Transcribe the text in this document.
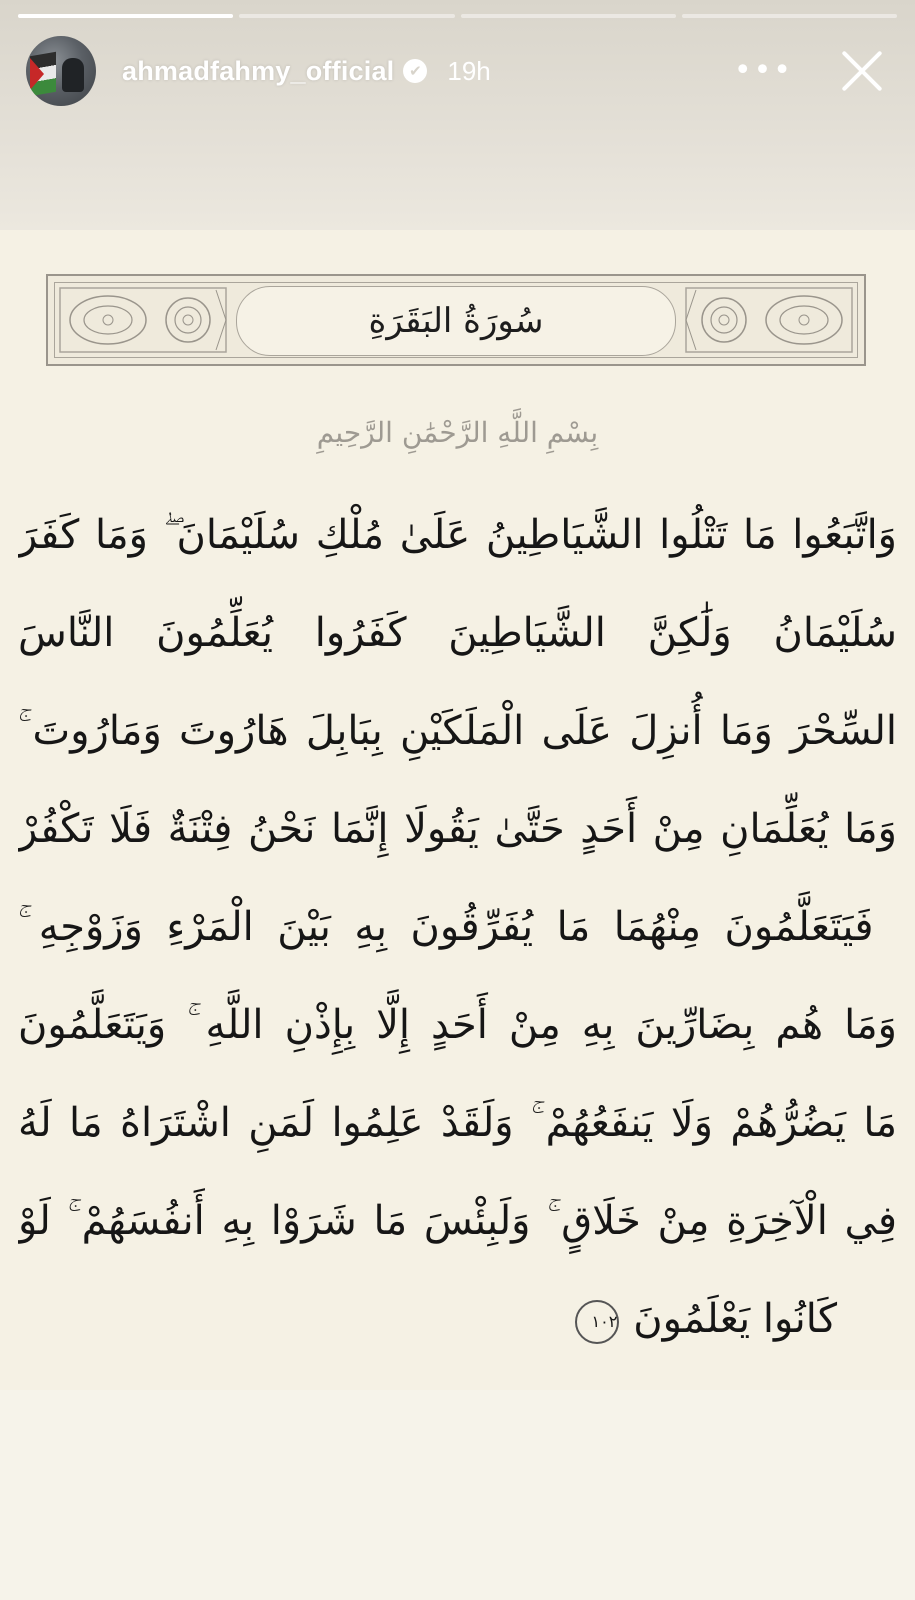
ahmadfahmy_official ✔ 19h	•••
سُورَةُ البَقَرَةِ
بِسْمِ اللَّهِ الرَّحْمَٰنِ الرَّحِيمِ
وَاتَّبَعُوا مَا تَتْلُوا الشَّيَاطِينُ عَلَىٰ مُلْكِ سُلَيْمَانَ ۖ وَمَا كَفَرَ
سُلَيْمَانُ وَلَٰكِنَّ الشَّيَاطِينَ كَفَرُوا يُعَلِّمُونَ النَّاسَ
السِّحْرَ وَمَا أُنزِلَ عَلَى الْمَلَكَيْنِ بِبَابِلَ هَارُوتَ وَمَارُوتَ ۚ
وَمَا يُعَلِّمَانِ مِنْ أَحَدٍ حَتَّىٰ يَقُولَا إِنَّمَا نَحْنُ فِتْنَةٌ فَلَا تَكْفُرْ
ۖ فَيَتَعَلَّمُونَ مِنْهُمَا مَا يُفَرِّقُونَ بِهِ بَيْنَ الْمَرْءِ وَزَوْجِهِ ۚ
وَمَا هُم بِضَارِّينَ بِهِ مِنْ أَحَدٍ إِلَّا بِإِذْنِ اللَّهِ ۚ وَيَتَعَلَّمُونَ
مَا يَضُرُّهُمْ وَلَا يَنفَعُهُمْ ۚ وَلَقَدْ عَلِمُوا لَمَنِ اشْتَرَاهُ مَا لَهُ
فِي الْآخِرَةِ مِنْ خَلَاقٍ ۚ وَلَبِئْسَ مَا شَرَوْا بِهِ أَنفُسَهُمْ ۚ لَوْ
كَانُوا يَعْلَمُونَ١٠٢
